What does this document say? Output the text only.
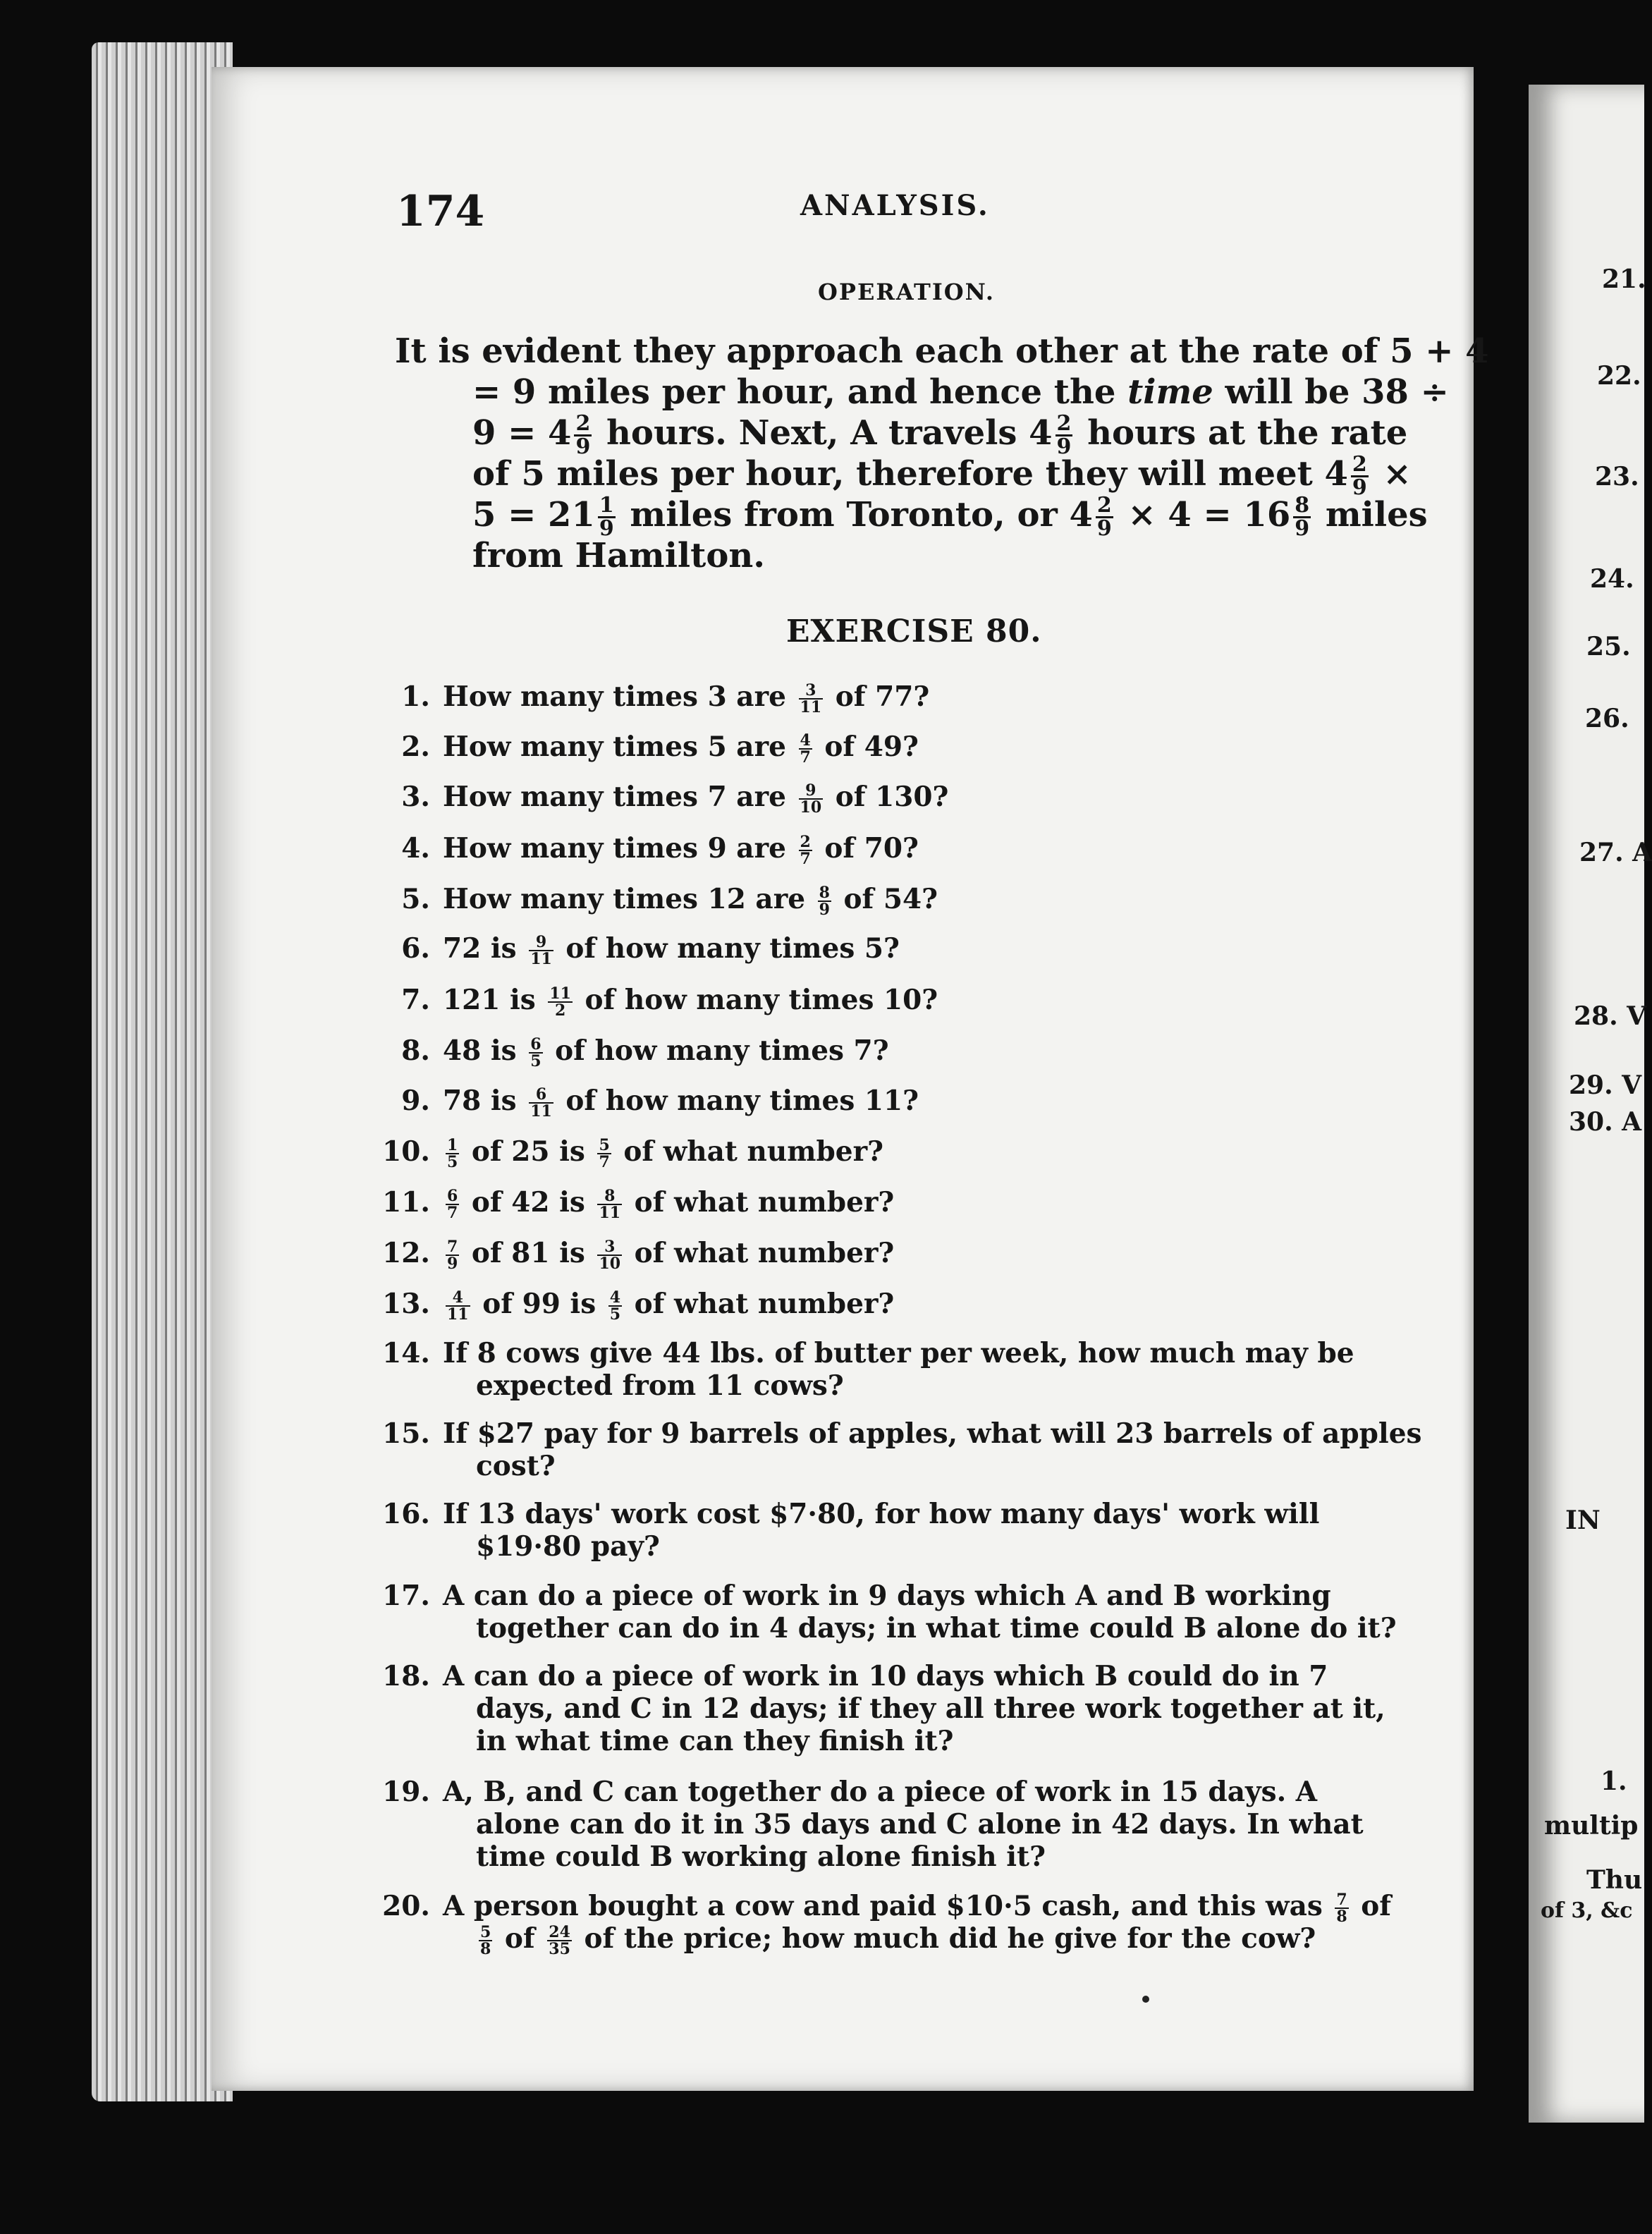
174	ANALYSIS.
OPERATION.
It is evident they approach each other at the rate of 5 + 4
= 9 miles per hour, and hence the time will be 38 ÷
$9 = 4 \frac{2}{9}$ hours. Next, A travels $4 \frac{2}{9}$ hours at the rate
of 5 miles per hour, therefore they will meet $4 \frac{2}{9}$ ×
$5 = 21 \frac{1}{9}$ miles from Toronto, or $4 \frac{2}{9} \times 4 = 16 \frac{8}{9}$ miles
from Hamilton.
EXERCISE 80.
1. How many times 3 are $\frac{3}{11}$ of 77?
2. How many times 5 are $\frac{4}{7}$ of 49?
3. How many times 7 are $\frac{9}{10}$ of 130?
4. How many times 9 are $\frac{2}{7}$ of 70?
5. How many times 12 are $\frac{8}{9}$ of 54?
6. 72 is $\frac{9}{11}$ of how many times 5?
7. 121 is $\frac{11}{2}$ of how many times 10?
8. 48 is $\frac{6}{5}$ of how many times 7?
9. 78 is $\frac{6}{11}$ of how many times 11?
10. $\frac{1}{5}$ of 25 is $\frac{5}{7}$ of what number?
11. $\frac{6}{7}$ of 42 is $\frac{8}{11}$ of what number?
12. $\frac{7}{9}$ of 81 is $\frac{3}{10}$ of what number?
13. $\frac{4}{11}$ of 99 is $\frac{4}{5}$ of what number?
14. If 8 cows give 44 lbs. of butter per week, how much may be
expected from 11 cows?
15. If $27 pay for 9 barrels of apples, what will 23 barrels of apples
cost?
16. If 13 days' work cost $7·80, for how many days' work will
$19·80 pay?
17. A can do a piece of work in 9 days which A and B working
together can do in 4 days; in what time could B alone do it?
18. A can do a piece of work in 10 days which B could do in 7
days, and C in 12 days; if they all three work together at it,
in what time can they finish it?
19. A, B, and C can together do a piece of work in 15 days. A
alone can do it in 35 days and C alone in 42 days. In what
time could B working alone finish it?
20. A person bought a cow and paid $10·5 cash, and this was $\frac{7}{8}$ of
$\frac{5}{8}$ of $\frac{24}{35}$ of the price; how much did he give for the cow?
21.
22.
23.
24.
25.
26.
27. A
28. V
29. V
30. A
IN
1.
multip
Thu
of 3, &c
